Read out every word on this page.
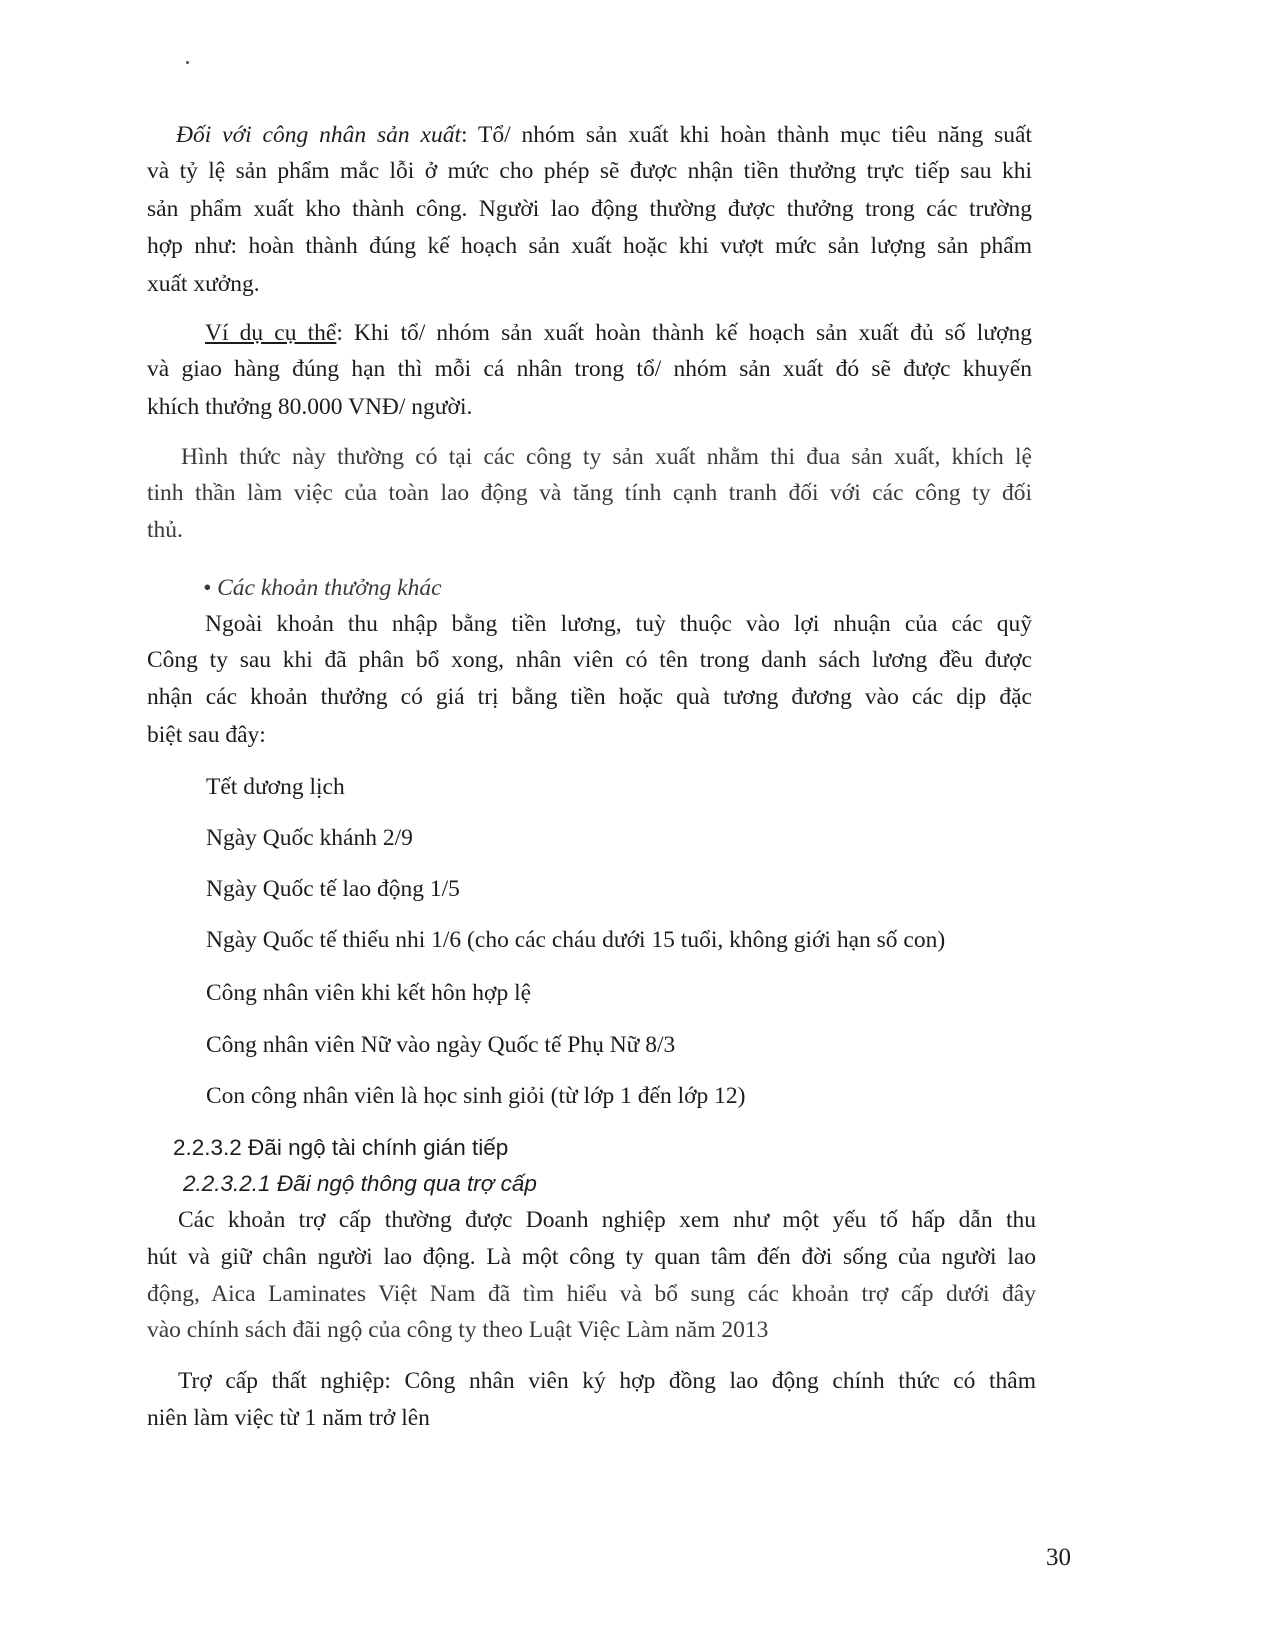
Đối với công nhân sản xuất: Tổ/ nhóm sản xuất khi hoàn thành mục tiêu năng suất
và tỷ lệ sản phẩm mắc lỗi ở mức cho phép sẽ được nhận tiền thưởng trực tiếp sau khi
sản phẩm xuất kho thành công. Người lao động thường được thưởng trong các trường
hợp như: hoàn thành đúng kế hoạch sản xuất hoặc khi vượt mức sản lượng sản phẩm
xuất xưởng.
Ví dụ cụ thể: Khi tổ/ nhóm sản xuất hoàn thành kế hoạch sản xuất đủ số lượng
và giao hàng đúng hạn thì mỗi cá nhân trong tổ/ nhóm sản xuất đó sẽ được khuyến
khích thưởng 80.000 VNĐ/ người.
Hình thức này thường có tại các công ty sản xuất nhằm thi đua sản xuất, khích lệ
tinh thần làm việc của toàn lao động và tăng tính cạnh tranh đối với các công ty đối
thủ.
• Các khoản thưởng khác
Ngoài khoản thu nhập bằng tiền lương, tuỳ thuộc vào lợi nhuận của các quỹ
Công ty sau khi đã phân bổ xong, nhân viên có tên trong danh sách lương đều được
nhận các khoản thưởng có giá trị bằng tiền hoặc quà tương đương vào các dịp đặc
biệt sau đây:
Tết dương lịch
Ngày Quốc khánh 2/9
Ngày Quốc tế lao động 1/5
Ngày Quốc tế thiếu nhi 1/6 (cho các cháu dưới 15 tuổi, không giới hạn số con)
Công nhân viên khi kết hôn hợp lệ
Công nhân viên Nữ vào ngày Quốc tế Phụ Nữ 8/3
Con công nhân viên là học sinh giỏi (từ lớp 1 đến lớp 12)
2.2.3.2 Đãi ngộ tài chính gián tiếp
2.2.3.2.1 Đãi ngộ thông qua trợ cấp
Các khoản trợ cấp thường được Doanh nghiệp xem như một yếu tố hấp dẫn thu
hút và giữ chân người lao động. Là một công ty quan tâm đến đời sống của người lao
động, Aica Laminates Việt Nam đã tìm hiểu và bổ sung các khoản trợ cấp dưới đây
vào chính sách đãi ngộ của công ty theo Luật Việc Làm năm 2013
Trợ cấp thất nghiệp: Công nhân viên ký hợp đồng lao động chính thức có thâm
niên làm việc từ 1 năm trở lên
30
